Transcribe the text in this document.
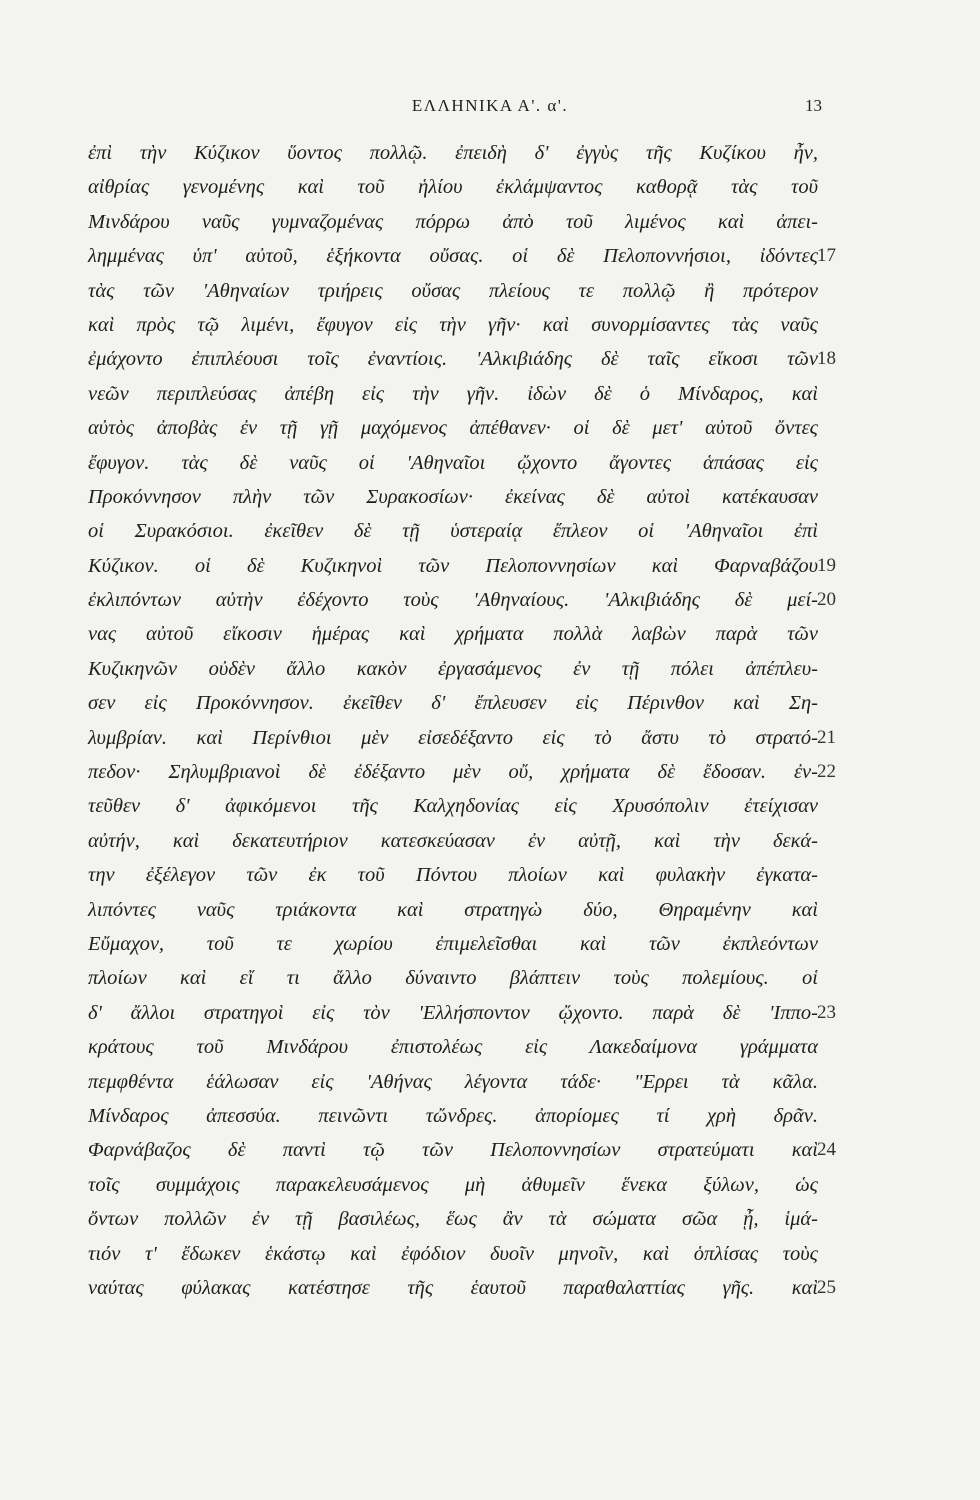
ΕΛΛΗΝΙΚΑ Α'. α'.	13
ἐπὶ τὴν Κύζικον ὕοντος πολλῷ. ἐπειδὴ δ' ἐγγὺς τῆς Κυζίκου ἦν,
αἰθρίας γενομένης καὶ τοῦ ἡλίου ἐκλάμψαντος καθορᾷ τὰς τοῦ
Μινδάρου ναῦς γυμναζομένας πόρρω ἀπὸ τοῦ λιμένος καὶ ἀπει-
λημμένας ὑπ' αὐτοῦ, ἑξήκοντα οὔσας. οἱ δὲ Πελοποννήσιοι, ἰδόντες 17
τὰς τῶν 'Αθηναίων τριήρεις οὔσας πλείους τε πολλῷ ἢ πρότερον
καὶ πρὸς τῷ λιμένι, ἔφυγον εἰς τὴν γῆν· καὶ συνορμίσαντες τὰς ναῦς
ἐμάχοντο ἐπιπλέουσι τοῖς ἐναντίοις. 'Αλκιβιάδης δὲ ταῖς εἴκοσι τῶν 18
νεῶν περιπλεύσας ἀπέβη εἰς τὴν γῆν. ἰδὼν δὲ ὁ Μίνδαρος, καὶ
αὐτὸς ἀποβὰς ἐν τῇ γῇ μαχόμενος ἀπέθανεν· οἱ δὲ μετ' αὐτοῦ ὄντες
ἔφυγον. τὰς δὲ ναῦς οἱ 'Αθηναῖοι ᾤχοντο ἄγοντες ἁπάσας εἰς
Προκόννησον πλὴν τῶν Συρακοσίων· ἐκείνας δὲ αὐτοὶ κατέκαυσαν
οἱ Συρακόσιοι. ἐκεῖθεν δὲ τῇ ὑστεραίᾳ ἔπλεον οἱ 'Αθηναῖοι ἐπὶ
Κύζικον. οἱ δὲ Κυζικηνοὶ τῶν Πελοποννησίων καὶ Φαρναβάζου 19
ἐκλιπόντων αὐτὴν ἐδέχοντο τοὺς 'Αθηναίους. 'Αλκιβιάδης δὲ μεί- 20
νας αὐτοῦ εἴκοσιν ἡμέρας καὶ χρήματα πολλὰ λαβὼν παρὰ τῶν
Κυζικηνῶν οὐδὲν ἄλλο κακὸν ἐργασάμενος ἐν τῇ πόλει ἀπέπλευ-
σεν εἰς Προκόννησον. ἐκεῖθεν δ' ἔπλευσεν εἰς Πέρινθον καὶ Ση-
λυμβρίαν. καὶ Περίνθιοι μὲν εἰσεδέξαντο εἰς τὸ ἄστυ τὸ στρατό- 21
πεδον· Σηλυμβριανοὶ δὲ ἐδέξαντο μὲν οὔ, χρήματα δὲ ἔδοσαν. ἐν- 22
τεῦθεν δ' ἀφικόμενοι τῆς Καλχηδονίας εἰς Χρυσόπολιν ἐτείχισαν
αὐτήν, καὶ δεκατευτήριον κατεσκεύασαν ἐν αὐτῇ, καὶ τὴν δεκά-
την ἐξέλεγον τῶν ἐκ τοῦ Πόντου πλοίων καὶ φυλακὴν ἐγκατα-
λιπόντες ναῦς τριάκοντα καὶ στρατηγὼ δύο, Θηραμένην καὶ
Εὔμαχον, τοῦ τε χωρίου ἐπιμελεῖσθαι καὶ τῶν ἐκπλεόντων
πλοίων καὶ εἴ τι ἄλλο δύναιντο βλάπτειν τοὺς πολεμίους. οἱ
δ' ἄλλοι στρατηγοὶ εἰς τὸν 'Ελλήσποντον ᾤχοντο. παρὰ δὲ 'Ιππο- 23
κράτους τοῦ Μινδάρου ἐπιστολέως εἰς Λακεδαίμονα γράμματα
πεμφθέντα ἑάλωσαν εἰς 'Αθήνας λέγοντα τάδε· "Ερρει τὰ κᾶλα.
Μίνδαρος ἀπεσσύα. πεινῶντι τὤνδρες. ἀπορίομες τί χρὴ δρᾶν.
Φαρνάβαζος δὲ παντὶ τῷ τῶν Πελοποννησίων στρατεύματι καὶ 24
τοῖς συμμάχοις παρακελευσάμενος μὴ ἀθυμεῖν ἕνεκα ξύλων, ὡς
ὄντων πολλῶν ἐν τῇ βασιλέως, ἕως ἂν τὰ σώματα σῶα ᾖ, ἱμά-
τιόν τ' ἔδωκεν ἑκάστῳ καὶ ἐφόδιον δυοῖν μηνοῖν, καὶ ὁπλίσας τοὺς
ναύτας φύλακας κατέστησε τῆς ἑαυτοῦ παραθαλαττίας γῆς. καὶ 25
